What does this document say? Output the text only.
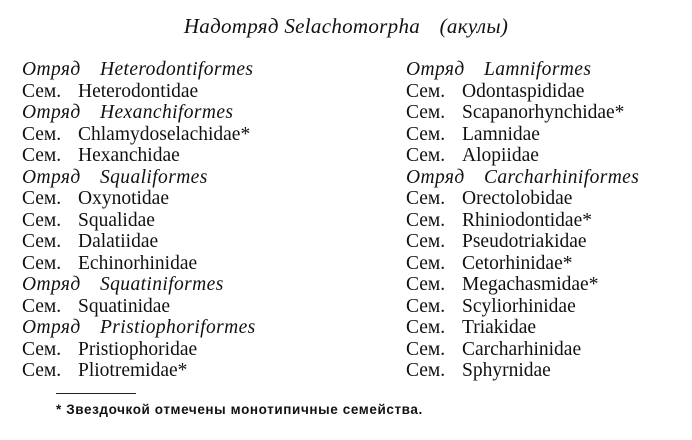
Надотряд Selachomorpha (акулы)
Отряд Heterodontiformes
Сем. Heterodontidae
Отряд Hexanchiformes
Сем. Chlamydoselachidae*
Сем. Hexanchidae
Отряд Squaliformes
Сем. Oxynotidae
Сем. Squalidae
Сем. Dalatiidae
Сем. Echinorhinidae
Отряд Squatiniformes
Сем. Squatinidae
Отряд Pristiophoriformes
Сем. Pristiophoridae
Сем. Pliotremidae*
Отряд Lamniformes
Сем. Odontaspididae
Сем. Scapanorhynchidae*
Сем. Lamnidae
Сем. Alopiidae
Отряд Carcharhiniformes
Сем. Orectolobidae
Сем. Rhiniodontidae*
Сем. Pseudotriakidae
Сем. Cetorhinidae*
Сем. Megachasmidae*
Сем. Scyliorhinidae
Сем. Triakidae
Сем. Carcharhinidae
Сем. Sphyrnidae
* Звездочкой отмечены монотипичные семейства.
